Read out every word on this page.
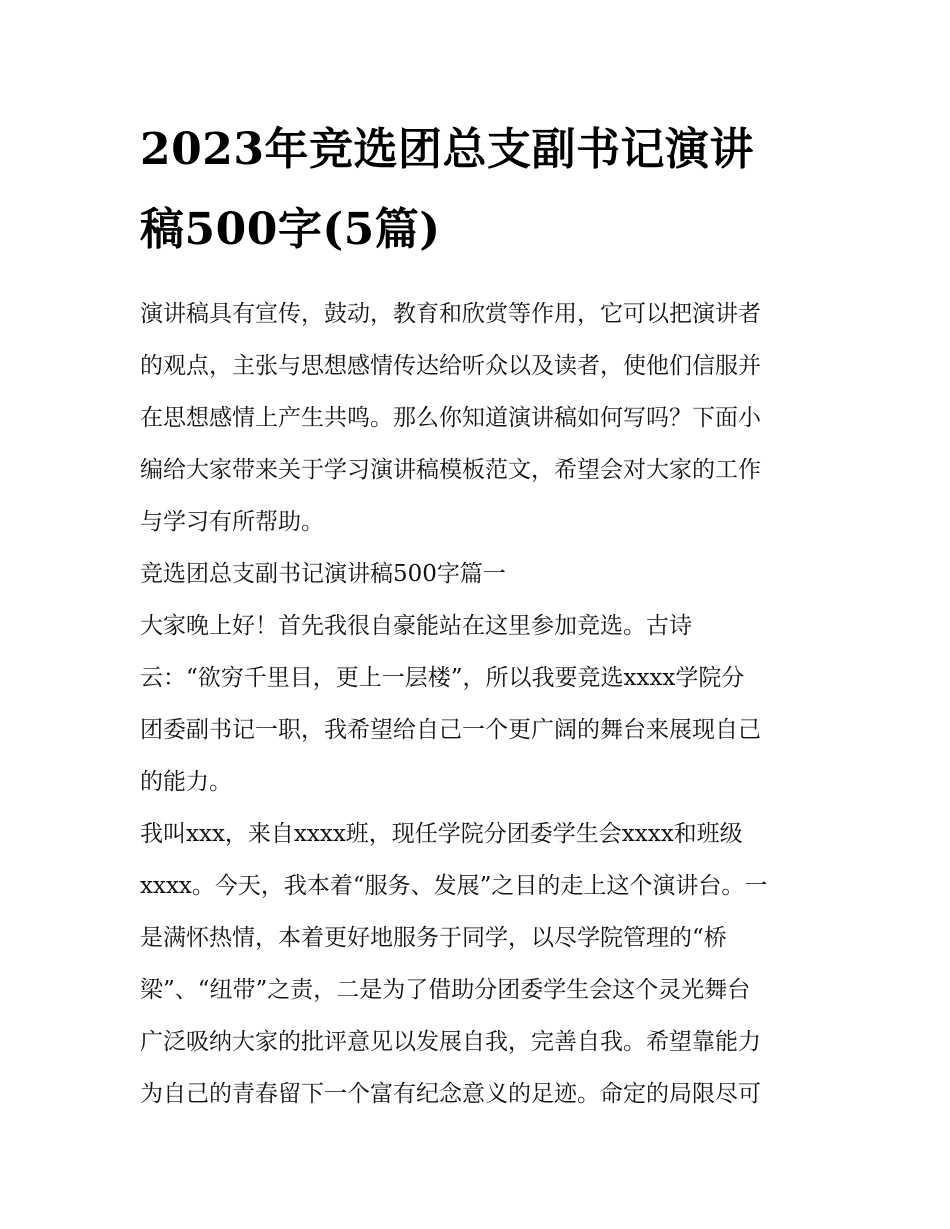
2023年竞选团总支副书记演讲
稿500字(5篇)
演讲稿具有宣传，鼓动，教育和欣赏等作用，它可以把演讲者
的观点，主张与思想感情传达给听众以及读者，使他们信服并
在思想感情上产生共鸣。那么你知道演讲稿如何写吗？下面小
编给大家带来关于学习演讲稿模板范文，希望会对大家的工作
与学习有所帮助。
竞选团总支副书记演讲稿500字篇一
大家晚上好！首先我很自豪能站在这里参加竞选。古诗
云：“欲穷千里目，更上一层楼”，所以我要竞选xxxx学院分
团委副书记一职，我希望给自己一个更广阔的舞台来展现自己
的能力。
我叫xxx，来自xxxx班，现任学院分团委学生会xxxx和班级
xxxx。今天，我本着“服务、发展”之目的走上这个演讲台。一
是满怀热情，本着更好地服务于同学，以尽学院管理的“桥
梁”、“纽带”之责，二是为了借助分团委学生会这个灵光舞台
广泛吸纳大家的批评意见以发展自我，完善自我。希望靠能力
为自己的青春留下一个富有纪念意义的足迹。命定的局限尽可
